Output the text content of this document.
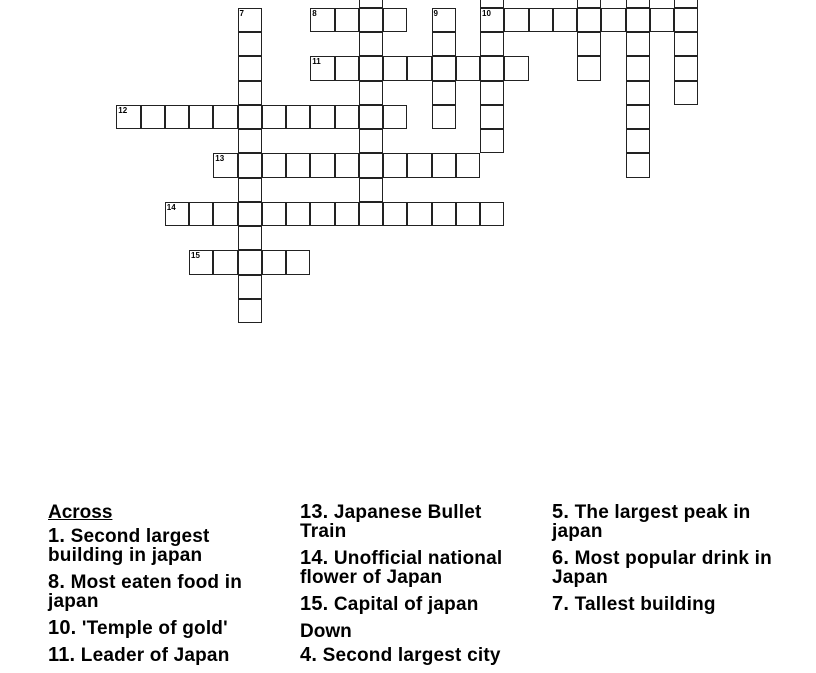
7	8	9	10
11
12
13
14
15
Across
1. Second largest building in japan
8. Most eaten food in japan
10. 'Temple of gold'
11. Leader of Japan
13. Japanese Bullet Train
14. Unofficial national flower of Japan
15. Capital of japan
Down
4. Second largest city
5. The largest peak in japan
6. Most popular drink in Japan
7. Tallest building
